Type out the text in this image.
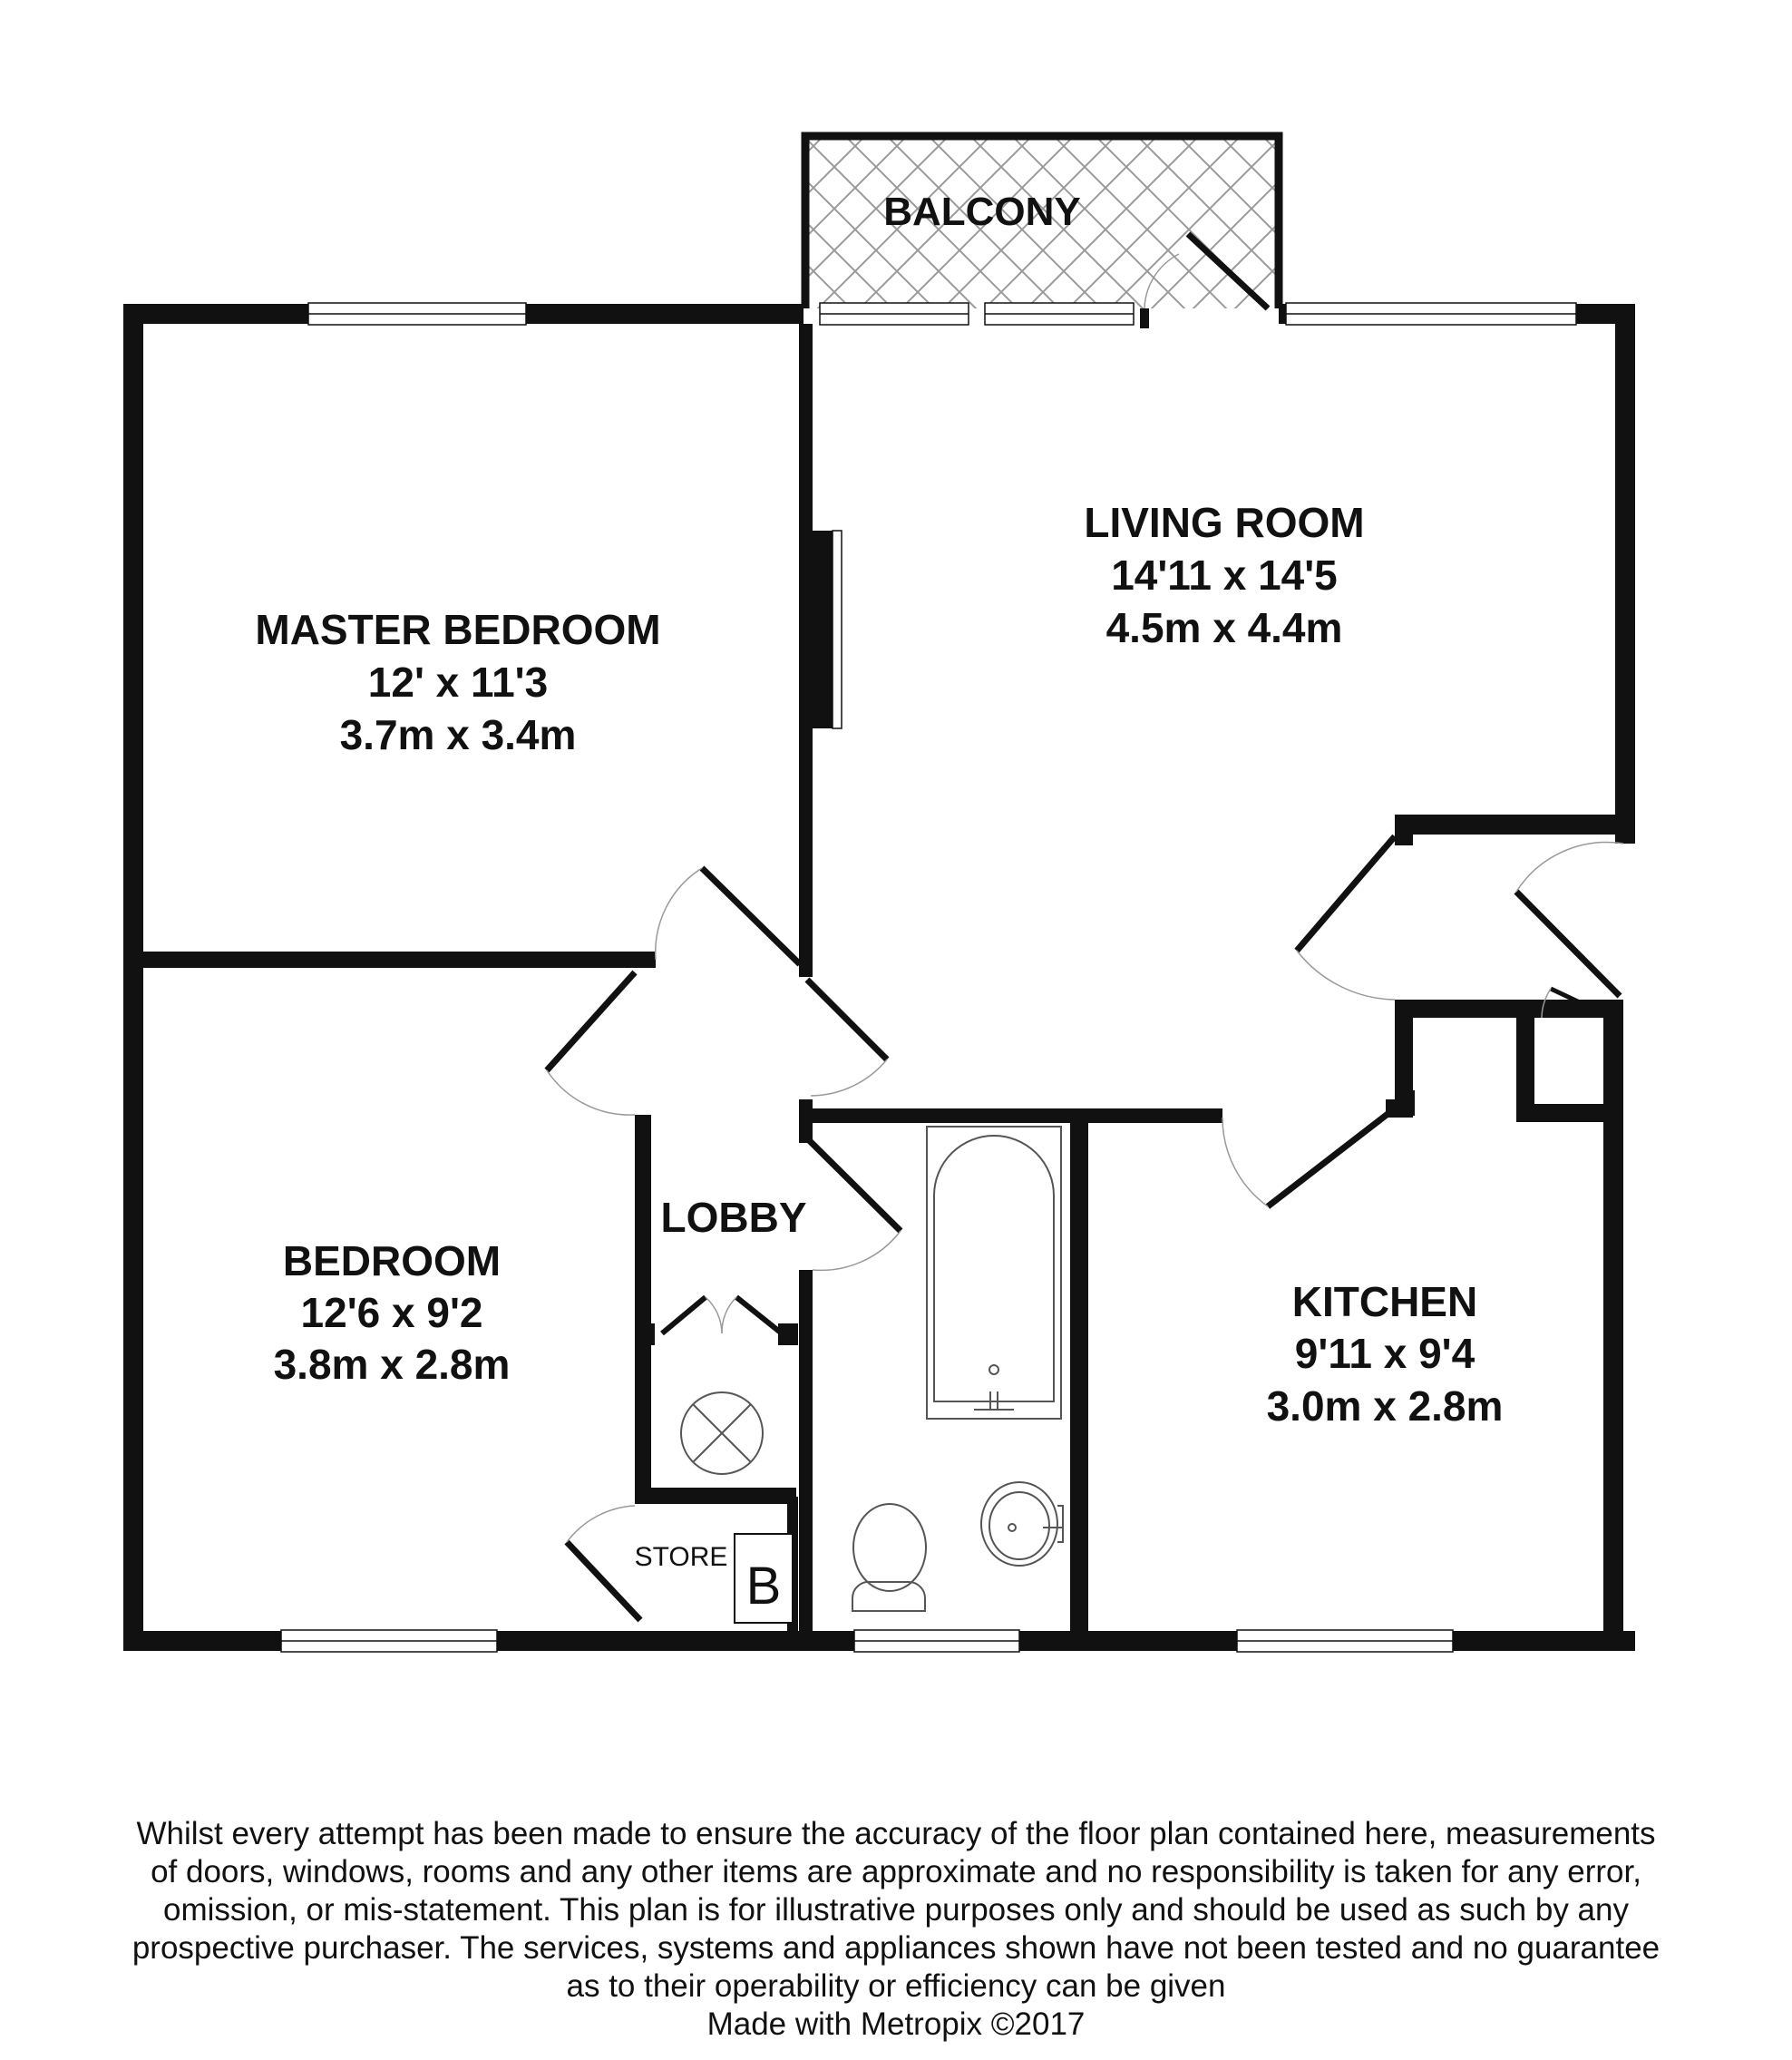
B
BALCONY
MASTER BEDROOM
12' x 11'3
3.7m x 3.4m
LIVING ROOM
14'11 x 14'5
4.5m x 4.4m
BEDROOM
12'6 x 9'2
3.8m x 2.8m
LOBBY
KITCHEN
9'11 x 9'4
3.0m x 2.8m
STORE
Whilst every attempt has been made to ensure the accuracy of the floor plan contained here, measurements
of doors, windows, rooms and any other items are approximate and no responsibility is taken for any error,
omission, or mis-statement. This plan is for illustrative purposes only and should be used as such by any
prospective purchaser. The services, systems and appliances shown have not been tested and no guarantee
as to their operability or efficiency can be given
Made with Metropix ©2017
